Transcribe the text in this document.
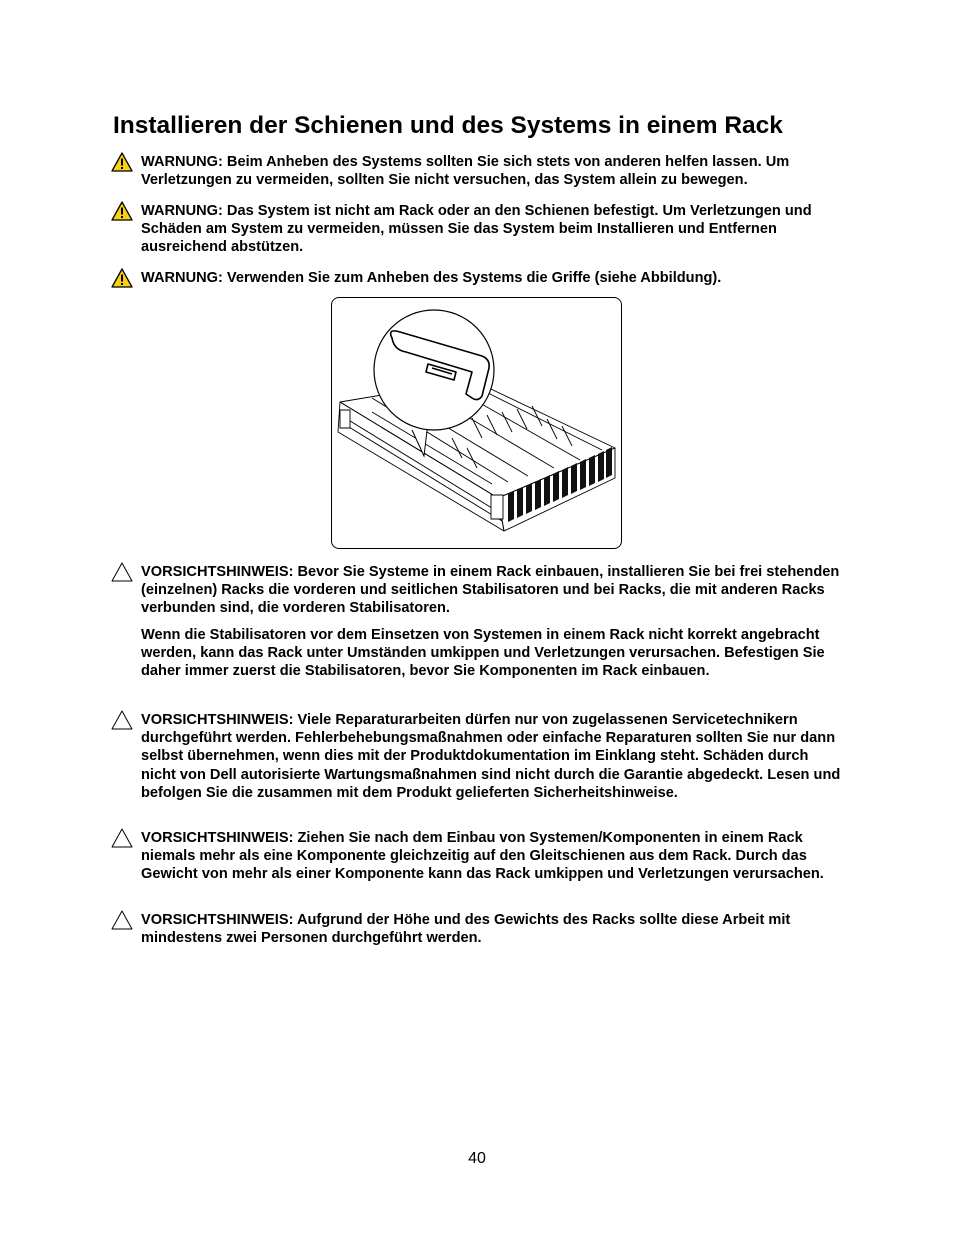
Installieren der Schienen und des Systems in einem Rack
WARNUNG: Beim Anheben des Systems sollten Sie sich stets von anderen helfen lassen. Um Verletzungen zu vermeiden, sollten Sie nicht versuchen, das System allein zu bewegen.
WARNUNG: Das System ist nicht am Rack oder an den Schienen befestigt. Um Verletzungen und Schäden am System zu vermeiden, müssen Sie das System beim Installieren und Entfernen ausreichend abstützen.
WARNUNG: Verwenden Sie zum Anheben des Systems die Griffe (siehe Abbildung).
VORSICHTSHINWEIS: Bevor Sie Systeme in einem Rack einbauen, installieren Sie bei frei stehenden (einzelnen) Racks die vorderen und seitlichen Stabilisatoren und bei Racks, die mit anderen Racks verbunden sind, die vorderen Stabilisatoren.
Wenn die Stabilisatoren vor dem Einsetzen von Systemen in einem Rack nicht korrekt angebracht werden, kann das Rack unter Umständen umkippen und Verletzungen verursachen. Befestigen Sie daher immer zuerst die Stabilisatoren, bevor Sie Komponenten im Rack einbauen.
VORSICHTSHINWEIS: Viele Reparaturarbeiten dürfen nur von zugelassenen Servicetechnikern durchgeführt werden. Fehlerbehebungsmaßnahmen oder einfache Reparaturen sollten Sie nur dann selbst übernehmen, wenn dies mit der Produktdokumentation im Einklang steht. Schäden durch nicht von Dell autorisierte Wartungsmaßnahmen sind nicht durch die Garantie abgedeckt. Lesen und befolgen Sie die zusammen mit dem Produkt gelieferten Sicherheitshinweise.
VORSICHTSHINWEIS: Ziehen Sie nach dem Einbau von Systemen/Komponenten in einem Rack niemals mehr als eine Komponente gleichzeitig auf den Gleitschienen aus dem Rack. Durch das Gewicht von mehr als einer Komponente kann das Rack umkippen und Verletzungen verursachen.
VORSICHTSHINWEIS: Aufgrund der Höhe und des Gewichts des Racks sollte diese Arbeit mit mindestens zwei Personen durchgeführt werden.
40
